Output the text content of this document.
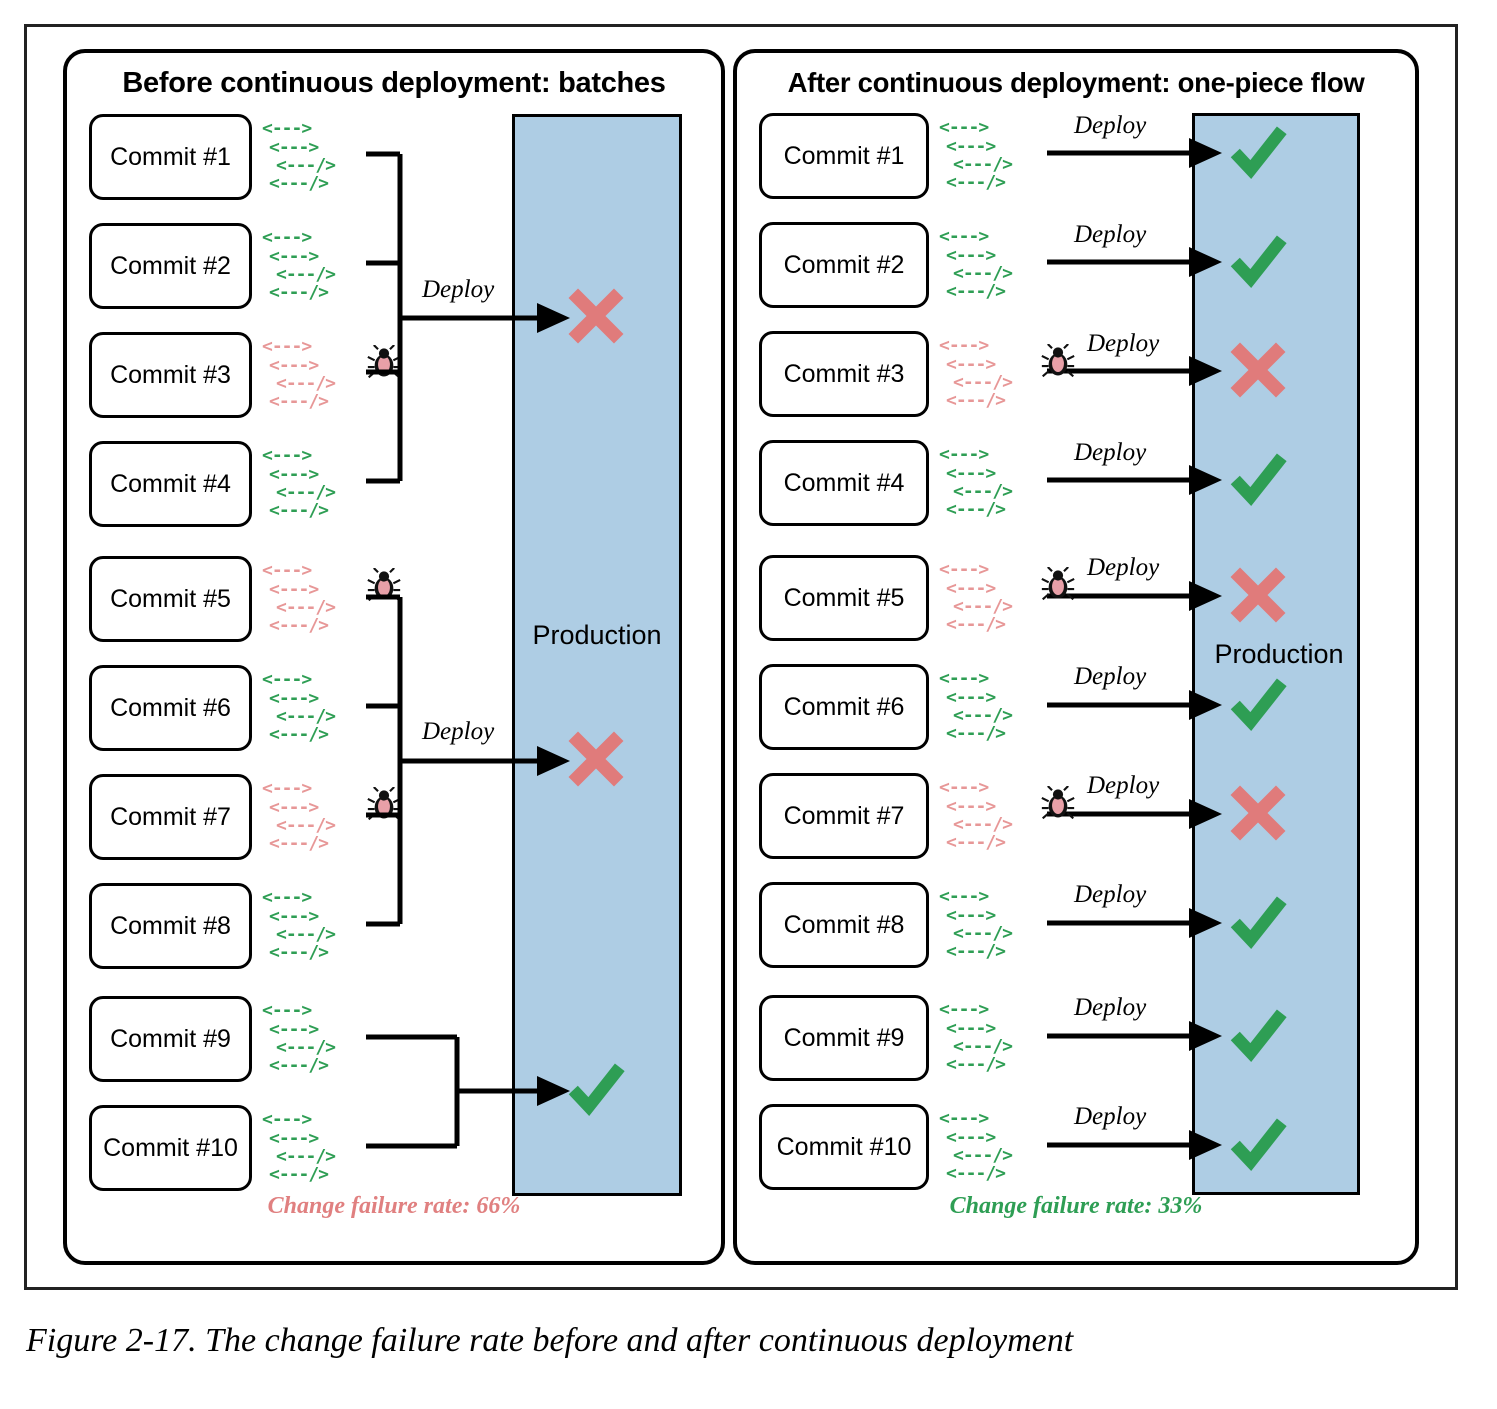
Before continuous deployment: batches
Production
Commit #1
<--->
<--->
<---/>
<---/>
Commit #2
<--->
<--->
<---/>
<---/>
Commit #3
<--->
<--->
<---/>
<---/>
Commit #4
<--->
<--->
<---/>
<---/>
Commit #5
<--->
<--->
<---/>
<---/>
Commit #6
<--->
<--->
<---/>
<---/>
Commit #7
<--->
<--->
<---/>
<---/>
Commit #8
<--->
<--->
<---/>
<---/>
Commit #9
<--->
<--->
<---/>
<---/>
Commit #10
<--->
<--->
<---/>
<---/>
Deploy
Deploy
Change failure rate: 66%
After continuous deployment: one-piece flow
Production
Commit #1
<--->
<--->
<---/>
<---/>
Commit #2
<--->
<--->
<---/>
<---/>
Commit #3
<--->
<--->
<---/>
<---/>
Commit #4
<--->
<--->
<---/>
<---/>
Commit #5
<--->
<--->
<---/>
<---/>
Commit #6
<--->
<--->
<---/>
<---/>
Commit #7
<--->
<--->
<---/>
<---/>
Commit #8
<--->
<--->
<---/>
<---/>
Commit #9
<--->
<--->
<---/>
<---/>
Commit #10
<--->
<--->
<---/>
<---/>
Deploy
Deploy
Deploy
Deploy
Deploy
Deploy
Deploy
Deploy
Deploy
Deploy
Change failure rate: 33%
Figure 2-17. The change failure rate before and after continuous deployment
